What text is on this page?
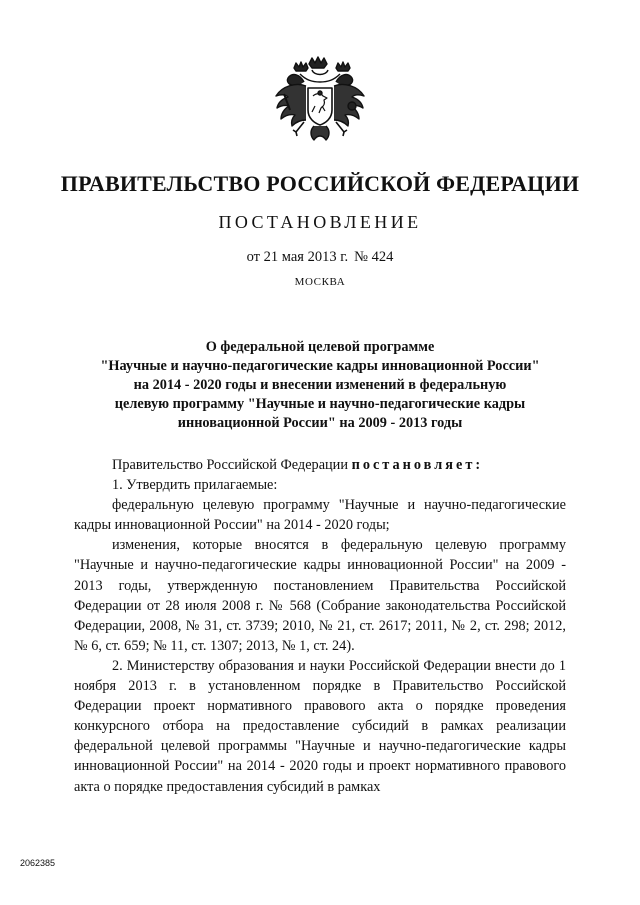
ПРАВИТЕЛЬСТВО РОССИЙСКОЙ ФЕДЕРАЦИИ
ПОСТАНОВЛЕНИЕ
от 21 мая 2013 г. № 424
МОСКВА
О федеральной целевой программе
"Научные и научно-педагогические кадры инновационной России"
на 2014 - 2020 годы и внесении изменений в федеральную
целевую программу "Научные и научно-педагогические кадры
инновационной России" на 2009 - 2013 годы

Правительство Российской Федерации постановляет:

1. Утвердить прилагаемые:

федеральную целевую программу "Научные и научно-педагогические кадры инновационной России" на 2014 - 2020 годы;

изменения, которые вносятся в федеральную целевую программу "Научные и научно-педагогические кадры инновационной России" на 2009 - 2013 годы, утвержденную постановлением Правительства Российской Федерации от 28 июля 2008 г. № 568 (Собрание законодательства Российской Федерации, 2008, № 31, ст. 3739; 2010, № 21, ст. 2617; 2011, № 2, ст. 298; 2012, № 6, ст. 659; № 11, ст. 1307; 2013, № 1, ст. 24).

2. Министерству образования и науки Российской Федерации внести до 1 ноября 2013 г. в установленном порядке в Правительство Российской Федерации проект нормативного правового акта о порядке проведения конкурсного отбора на предоставление субсидий в рамках реализации федеральной целевой программы "Научные и научно-педагогические кадры инновационной России" на 2014 - 2020 годы и проект нормативного правового акта о порядке предоставления субсидий в рамках

2062385
